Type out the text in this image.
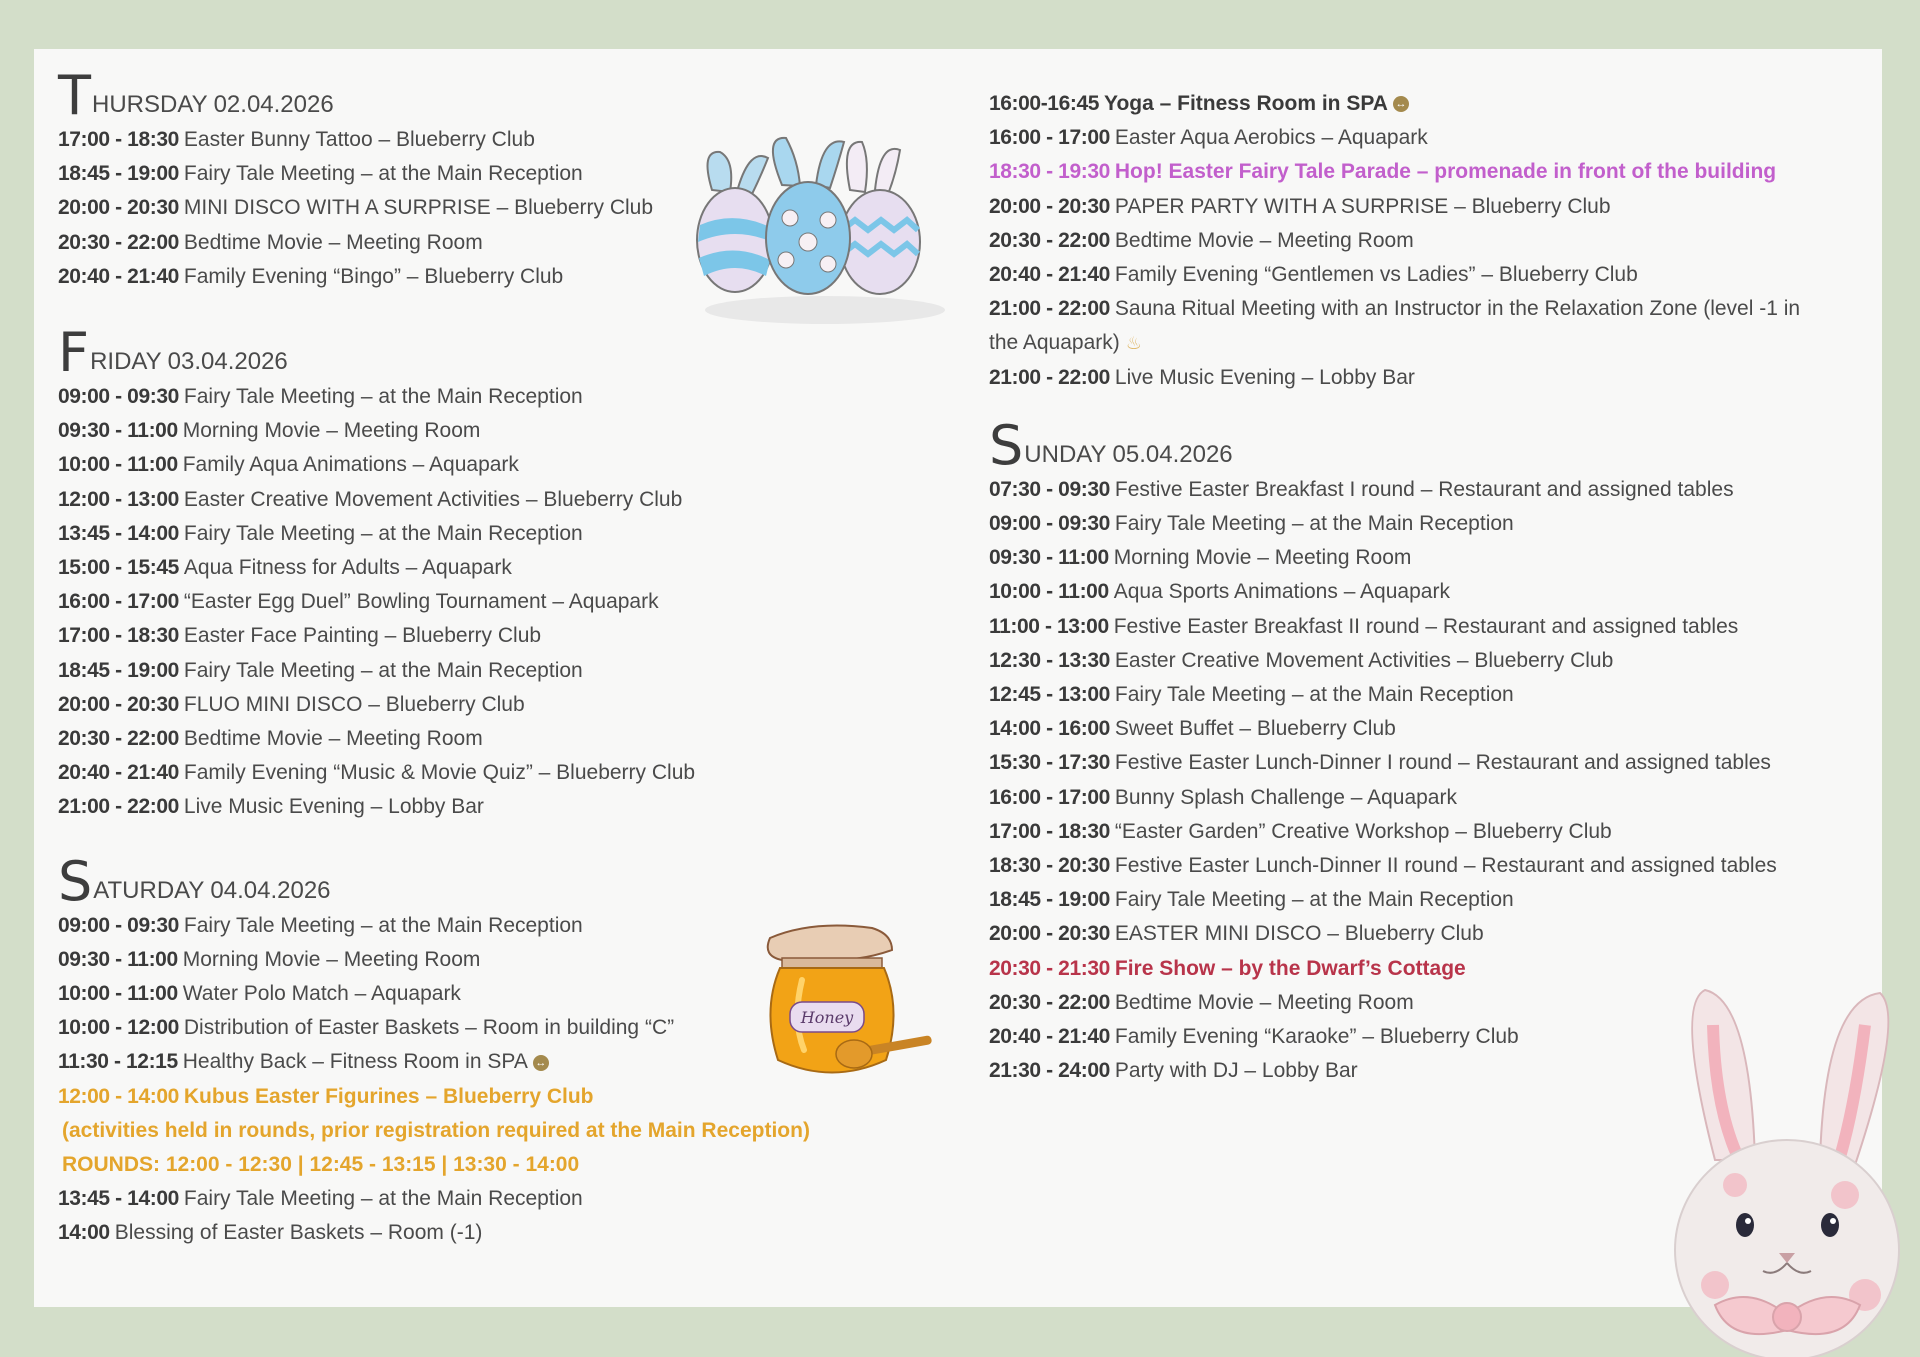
T HURSDAY 02.04.2026
17:00 - 18:30 Easter Bunny Tattoo – Blueberry Club
18:45 - 19:00 Fairy Tale Meeting – at the Main Reception
20:00 - 20:30 MINI DISCO WITH A SURPRISE – Blueberry Club
20:30 - 22:00 Bedtime Movie – Meeting Room
20:40 - 21:40 Family Evening “Bingo” – Blueberry Club
F RIDAY 03.04.2026
09:00 - 09:30 Fairy Tale Meeting – at the Main Reception
09:30 - 11:00 Morning Movie – Meeting Room
10:00 - 11:00 Family Aqua Animations – Aquapark
12:00 - 13:00 Easter Creative Movement Activities – Blueberry Club
13:45 - 14:00 Fairy Tale Meeting – at the Main Reception
15:00 - 15:45 Aqua Fitness for Adults – Aquapark
16:00 - 17:00 “Easter Egg Duel” Bowling Tournament – Aquapark
17:00 - 18:30 Easter Face Painting – Blueberry Club
18:45 - 19:00 Fairy Tale Meeting – at the Main Reception
20:00 - 20:30 FLUO MINI DISCO – Blueberry Club
20:30 - 22:00 Bedtime Movie – Meeting Room
20:40 - 21:40 Family Evening “Music & Movie Quiz” – Blueberry Club
21:00 - 22:00 Live Music Evening – Lobby Bar
S ATURDAY 04.04.2026
09:00 - 09:30 Fairy Tale Meeting – at the Main Reception
09:30 - 11:00 Morning Movie – Meeting Room
10:00 - 11:00 Water Polo Match – Aquapark
10:00 - 12:00 Distribution of Easter Baskets – Room in building “C”
11:30 - 12:15 Healthy Back – Fitness Room in SPA ↔
12:00 - 14:00 Kubus Easter Figurines – Blueberry Club
(activities held in rounds, prior registration required at the Main Reception)
ROUNDS: 12:00 - 12:30 | 12:45 - 13:15 | 13:30 - 14:00
13:45 - 14:00 Fairy Tale Meeting – at the Main Reception
14:00 Blessing of Easter Baskets – Room (-1)
16:00-16:45 Yoga – Fitness Room in SPA ↔
16:00 - 17:00 Easter Aqua Aerobics – Aquapark
18:30 - 19:30 Hop! Easter Fairy Tale Parade – promenade in front of the building
20:00 - 20:30 PAPER PARTY WITH A SURPRISE – Blueberry Club
20:30 - 22:00 Bedtime Movie – Meeting Room
20:40 - 21:40 Family Evening “Gentlemen vs Ladies” – Blueberry Club
21:00 - 22:00 Sauna Ritual Meeting with an Instructor in the Relaxation Zone (level -1 in the Aquapark) ♨
21:00 - 22:00 Live Music Evening – Lobby Bar
S UNDAY 05.04.2026
07:30 - 09:30 Festive Easter Breakfast I round – Restaurant and assigned tables
09:00 - 09:30 Fairy Tale Meeting – at the Main Reception
09:30 - 11:00 Morning Movie – Meeting Room
10:00 - 11:00 Aqua Sports Animations – Aquapark
11:00 - 13:00 Festive Easter Breakfast II round – Restaurant and assigned tables
12:30 - 13:30 Easter Creative Movement Activities – Blueberry Club
12:45 - 13:00 Fairy Tale Meeting – at the Main Reception
14:00 - 16:00 Sweet Buffet – Blueberry Club
15:30 - 17:30 Festive Easter Lunch-Dinner I round – Restaurant and assigned tables
16:00 - 17:00 Bunny Splash Challenge – Aquapark
17:00 - 18:30 “Easter Garden” Creative Workshop – Blueberry Club
18:30 - 20:30 Festive Easter Lunch-Dinner II round – Restaurant and assigned tables
18:45 - 19:00 Fairy Tale Meeting – at the Main Reception
20:00 - 20:30 EASTER MINI DISCO – Blueberry Club
20:30 - 21:30 Fire Show – by the Dwarf’s Cottage
20:30 - 22:00 Bedtime Movie – Meeting Room
20:40 - 21:40 Family Evening “Karaoke” – Blueberry Club
21:30 - 24:00 Party with DJ – Lobby Bar
Honey
